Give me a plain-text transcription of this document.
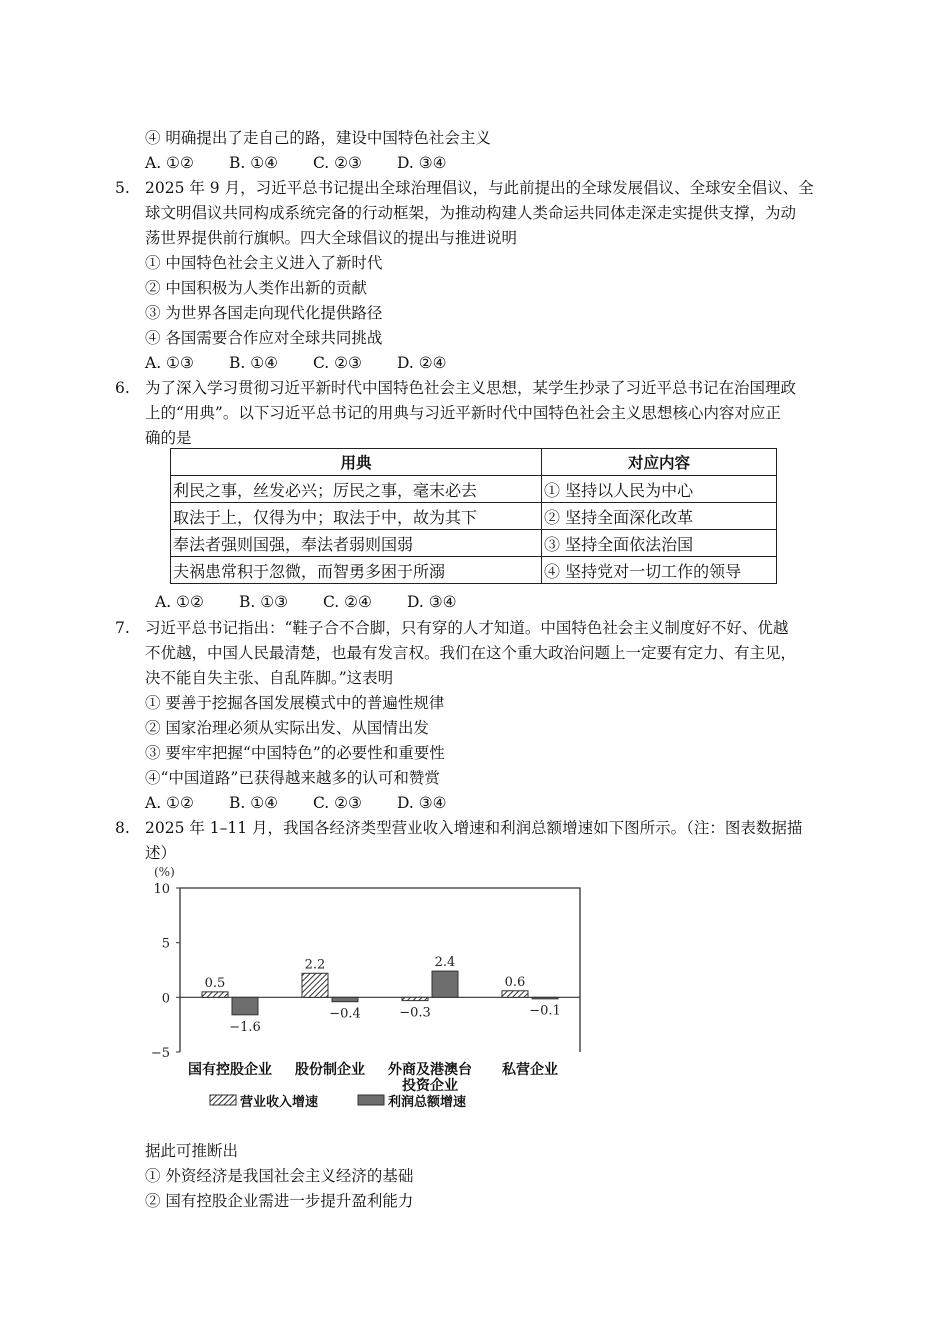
④ 明确提出了走自己的路，建设中国特色社会主义
A. ①② B. ①④ C. ②③ D. ③④
5. 2025 年 9 月，习近平总书记提出全球治理倡议，与此前提出的全球发展倡议、全球安全倡议、全
球文明倡议共同构成系统完备的行动框架，为推动构建人类命运共同体走深走实提供支撑，为动
荡世界提供前行旗帜。四大全球倡议的提出与推进说明
① 中国特色社会主义进入了新时代
② 中国积极为人类作出新的贡献
③ 为世界各国走向现代化提供路径
④ 各国需要合作应对全球共同挑战
A. ①③ B. ①④ C. ②③ D. ②④
6. 为了深入学习贯彻习近平新时代中国特色社会主义思想，某学生抄录了习近平总书记在治国理政
上的“用典”。以下习近平总书记的用典与习近平新时代中国特色社会主义思想核心内容对应正
确的是
用典	对应内容
利民之事，丝发必兴；厉民之事，毫末必去	① 坚持以人民为中心
取法于上，仅得为中；取法于中，故为其下	② 坚持全面深化改革
奉法者强则国强，奉法者弱则国弱	③ 坚持全面依法治国
夫祸患常积于忽微，而智勇多困于所溺	④ 坚持党对一切工作的领导
A. ①② B. ①③ C. ②④ D. ③④
7. 习近平总书记指出：“鞋子合不合脚，只有穿的人才知道。中国特色社会主义制度好不好、优越
不优越，中国人民最清楚，也最有发言权。我们在这个重大政治问题上一定要有定力、有主见，
决不能自失主张、自乱阵脚。”这表明
① 要善于挖掘各国发展模式中的普遍性规律
② 国家治理必须从实际出发、从国情出发
③ 要牢牢把握“中国特色”的必要性和重要性
④“中国道路”已获得越来越多的认可和赞赏
A. ①② B. ①④ C. ②③ D. ③④
8. 2025 年 1–11 月，我国各经济类型营业收入增速和利润总额增速如下图所示。（注：图表数据描
述）
(%)
10
5
0
−5
0.5
−1.6
国有控股企业
2.2
−0.4
股份制企业
−0.3
2.4
外商及港澳台
投资企业
0.6
−0.1
私营企业
营业收入增速	利润总额增速
据此可推断出
① 外资经济是我国社会主义经济的基础
② 国有控股企业需进一步提升盈利能力
